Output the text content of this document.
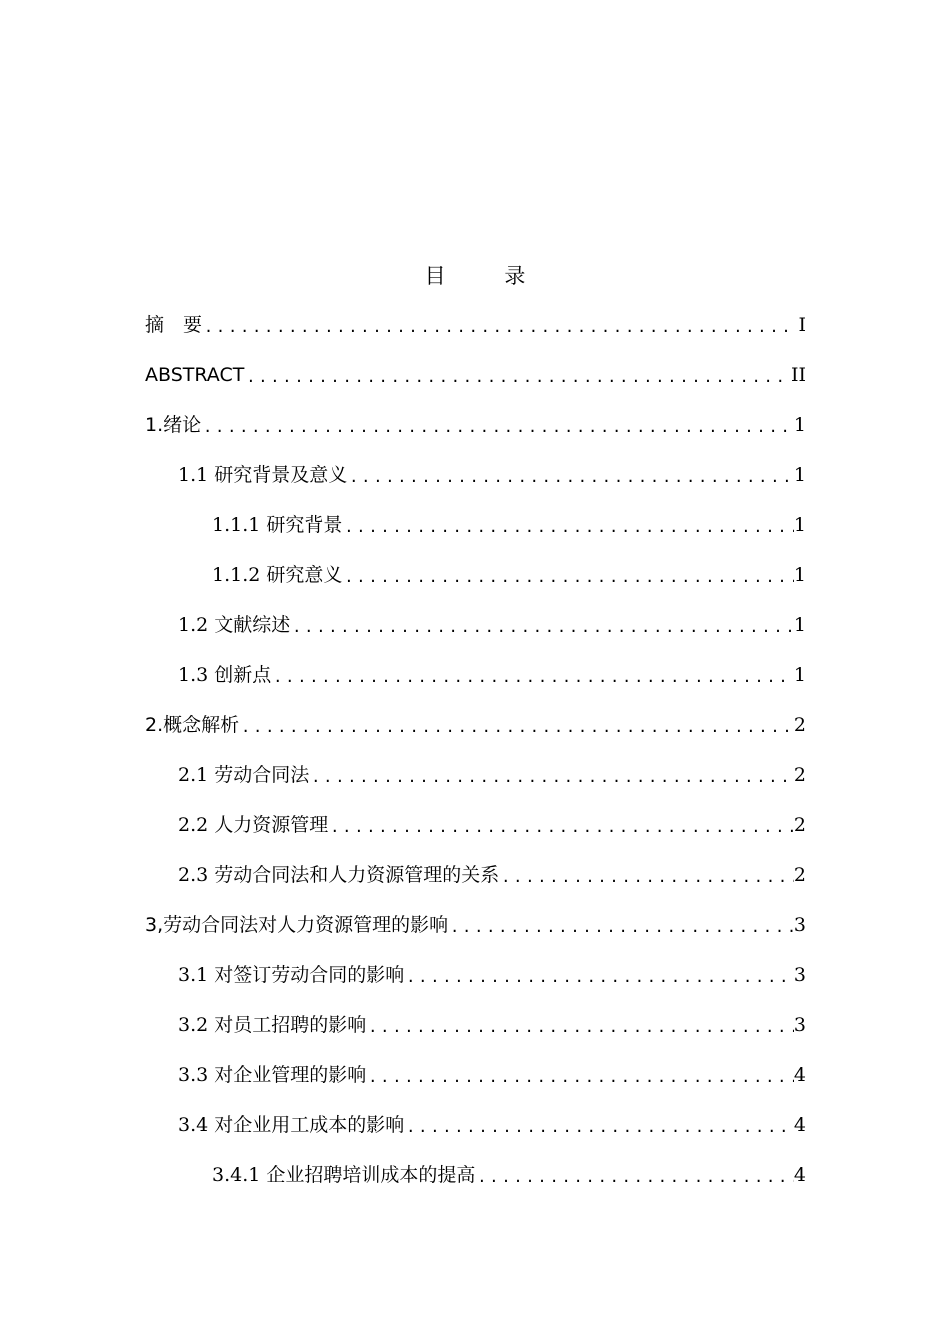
目 录
摘　要 .....	Ⅰ
ABSTRACT .....	II
1.绪论 .....	1
1.1 研究背景及意义 .....	1
1.1.1 研究背景 .....	1
1.1.2 研究意义 .....	1
1.2 文献综述 .....	1
1.3 创新点 .....	1
2.概念解析 .....	2
2.1 劳动合同法 .....	2
2.2 人力资源管理 .....	2
2.3 劳动合同法和人力资源管理的关系 .....	2
3,劳动合同法对人力资源管理的影响 .....	3
3.1 对签订劳动合同的影响 .....	3
3.2 对员工招聘的影响 .....	3
3.3 对企业管理的影响 .....	4
3.4 对企业用工成本的影响 .....	4
3.4.1 企业招聘培训成本的提高 .....	4
